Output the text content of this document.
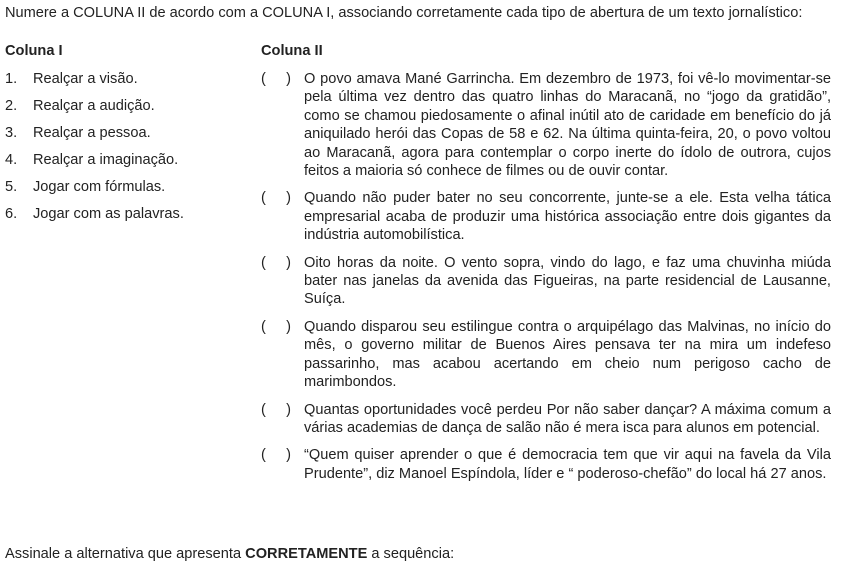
Numere a COLUNA II de acordo com a COLUNA I, associando corretamente cada tipo de abertura de um texto jornalístico:
Coluna I
1.	Realçar a visão.
2.	Realçar a audição.
3.	Realçar a pessoa.
4.	Realçar a imaginação.
5.	Jogar com fórmulas.
6.	Jogar com as palavras.
Coluna II
(     ) O povo amava Mané Garrincha. Em dezembro de 1973, foi vê-lo movimentar-se pela última vez dentro das quatro linhas do Maracanã, no “jogo da gratidão”, como se chamou piedosamente o afinal inútil ato de caridade em benefício do já aniquilado herói das Copas de 58 e 62. Na última quinta-feira, 20, o povo voltou ao Maracanã, agora para contemplar o corpo inerte do ídolo de outrora, cujos feitos a maioria só conhece de filmes ou de ouvir contar.
(     ) Quando não puder bater no seu concorrente, junte-se a ele. Esta velha tática empresarial acaba de produzir uma histórica associação entre dois gigantes da indústria automobilística.
(     ) Oito horas da noite. O vento sopra, vindo do lago, e faz uma chuvinha miúda bater nas janelas da avenida das Figueiras, na parte residencial de Lausanne, Suíça.
(     ) Quando disparou seu estilingue contra o arquipélago das Malvinas, no início do mês, o governo militar de Buenos Aires pensava ter na mira um indefeso passarinho, mas acabou acertando em cheio num perigoso cacho de marimbondos.
(     ) Quantas oportunidades você perdeu Por não saber dançar? A máxima comum a várias academias de dança de salão não é mera isca para alunos em potencial.
(     ) “Quem quiser aprender o que é democracia tem que vir aqui na favela da Vila Prudente”, diz Manoel Espíndola, líder e “ poderoso-chefão” do local há 27 anos.
Assinale a alternativa que apresenta CORRETAMENTE a sequência:
